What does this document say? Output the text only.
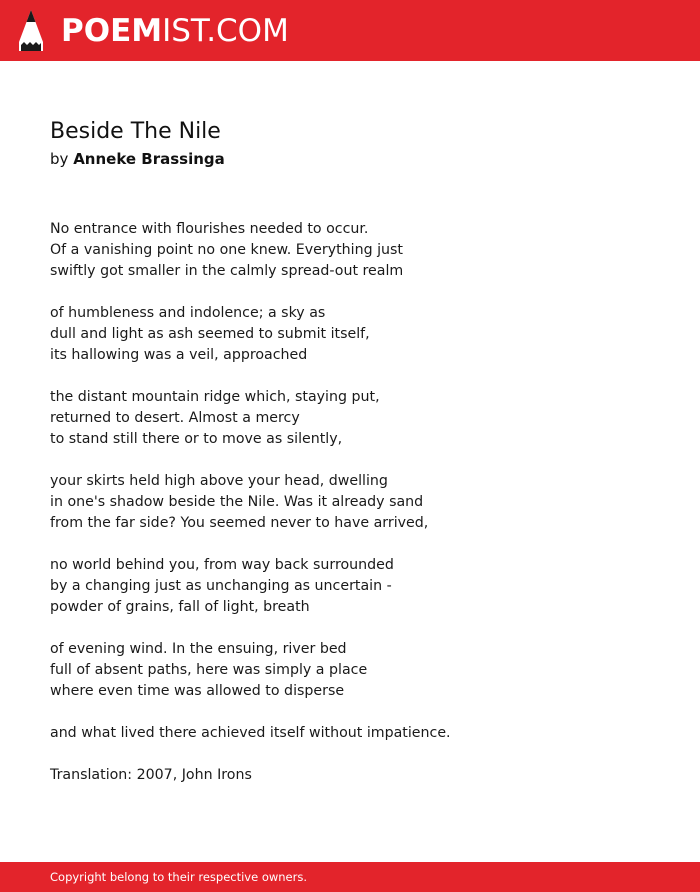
POEMIST.COM
Beside The Nile
by Anneke Brassinga
No entrance with flourishes needed to occur.
Of a vanishing point no one knew. Everything just
swiftly got smaller in the calmly spread-out realm
of humbleness and indolence; a sky as
dull and light as ash seemed to submit itself,
its hallowing was a veil, approached
the distant mountain ridge which, staying put,
returned to desert. Almost a mercy
to stand still there or to move as silently,
your skirts held high above your head, dwelling
in one's shadow beside the Nile. Was it already sand
from the far side? You seemed never to have arrived,
no world behind you, from way back surrounded
by a changing just as unchanging as uncertain -
powder of grains, fall of light, breath
of evening wind. In the ensuing, river bed
full of absent paths, here was simply a place
where even time was allowed to disperse
and what lived there achieved itself without impatience.
Translation: 2007, John Irons
Copyright belong to their respective owners.
